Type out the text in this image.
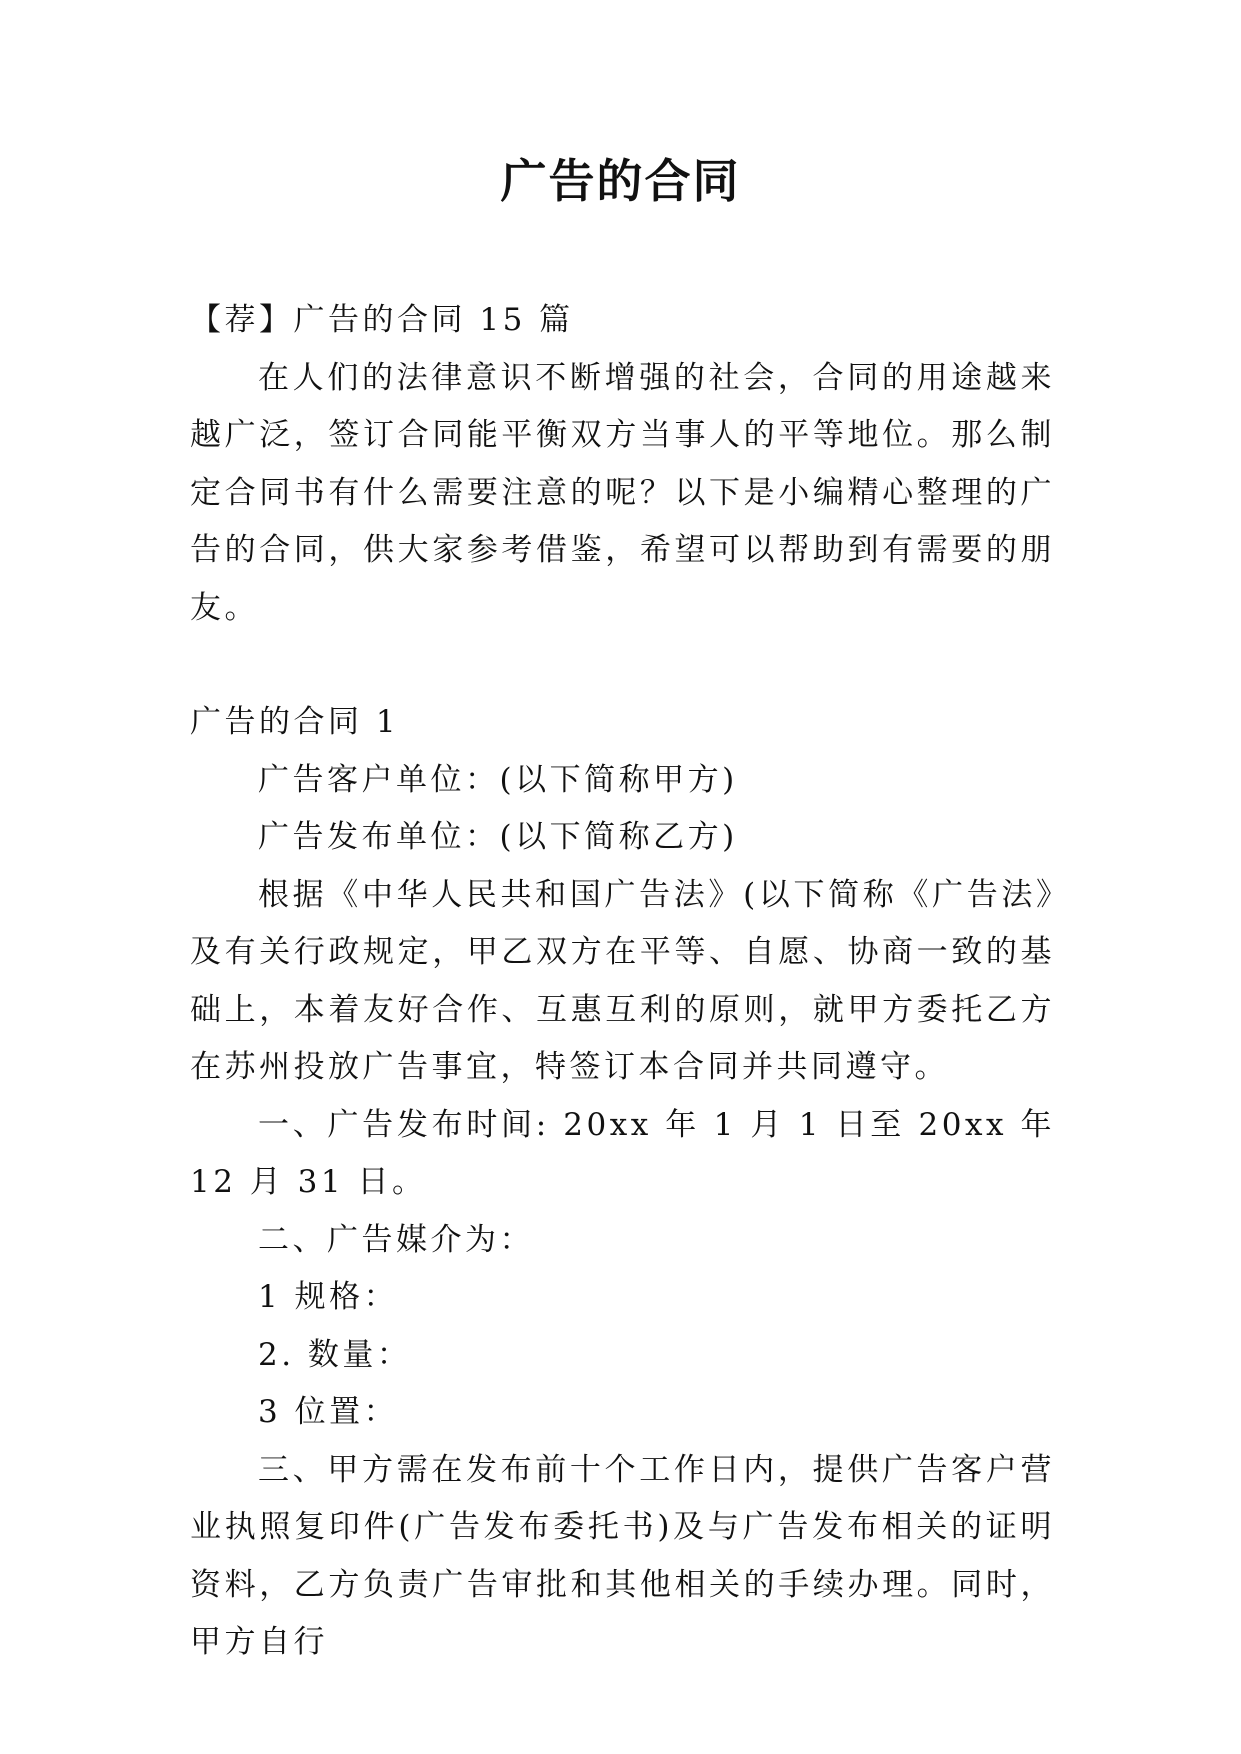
广告的合同

【荐】广告的合同 15 篇

在人们的法律意识不断增强的社会，合同的用途越来越广泛，签订合同能平衡双方当事人的平等地位。那么制定合同书有什么需要注意的呢？以下是小编精心整理的广告的合同，供大家参考借鉴，希望可以帮助到有需要的朋友。

广告的合同 1

广告客户单位：(以下简称甲方)

广告发布单位：(以下简称乙方)

根据《中华人民共和国广告法》(以下简称《广告法》及有关行政规定，甲乙双方在平等、自愿、协商一致的基础上，本着友好合作、互惠互利的原则，就甲方委托乙方在苏州投放广告事宜，特签订本合同并共同遵守。

一、广告发布时间: 20xx 年 1 月 1 日至 20xx 年 12 月 31 日。

二、广告媒介为：

1 规格：

2. 数量：

3 位置：

三、甲方需在发布前十个工作日内，提供广告客户营业执照复印件(广告发布委托书)及与广告发布相关的证明资料，乙方负责广告审批和其他相关的手续办理。同时，甲方自行
